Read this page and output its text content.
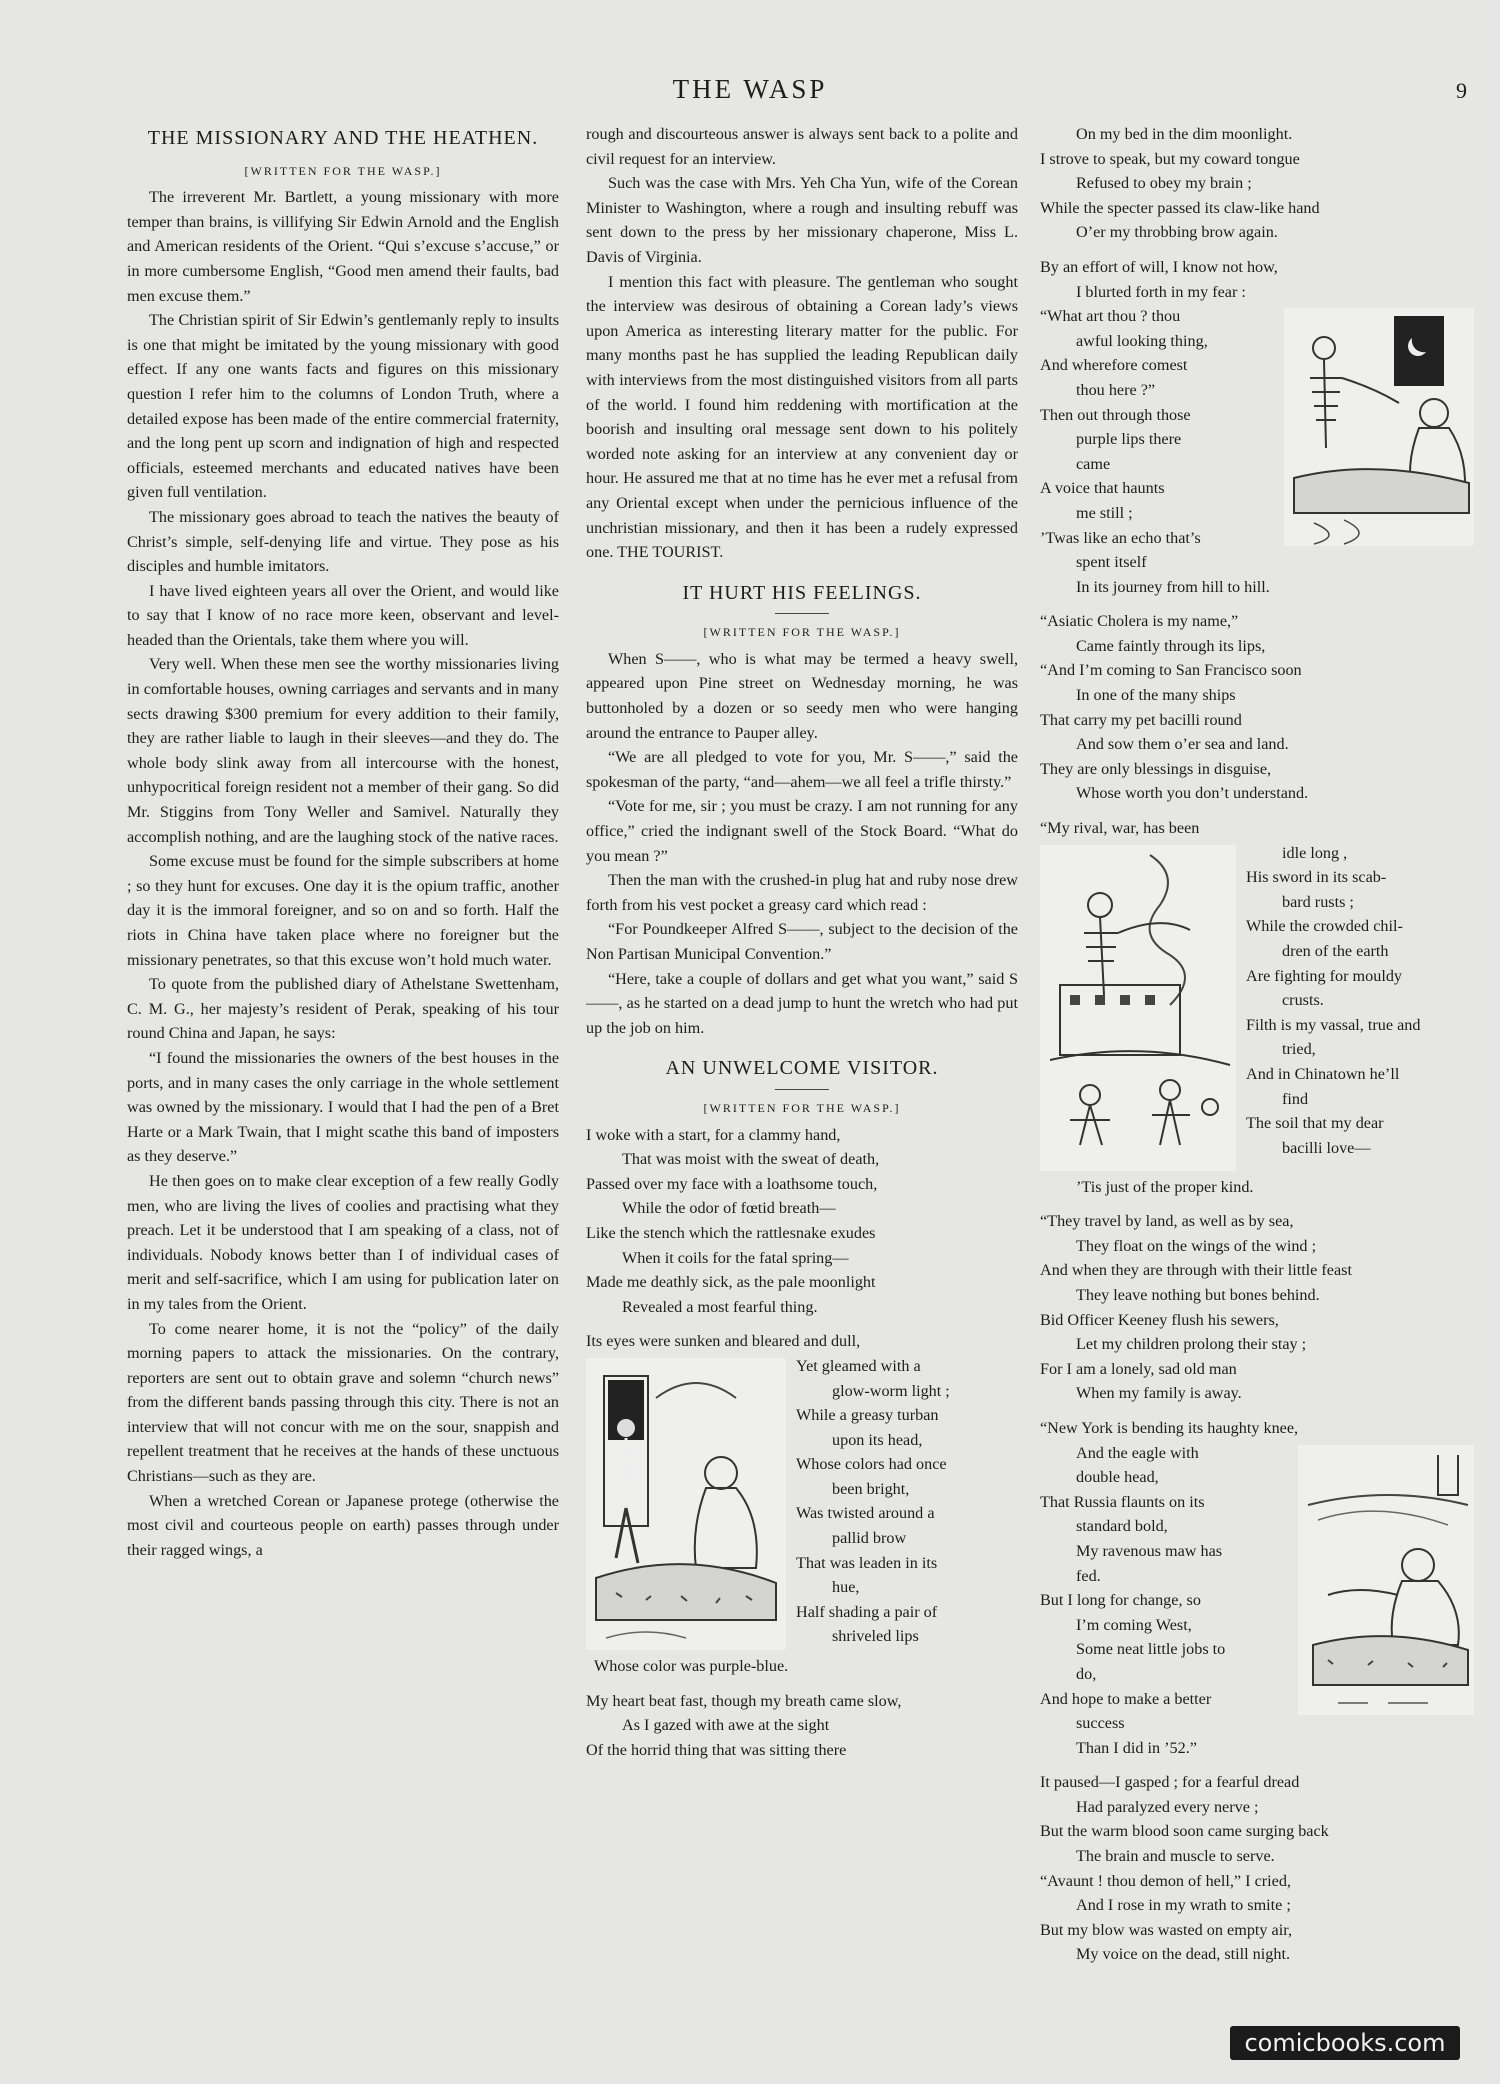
THE WASP	9
THE MISSIONARY AND THE HEATHEN.
[WRITTEN FOR THE WASP.]

The irreverent Mr. Bartlett, a young missionary with more temper than brains, is villifying Sir Edwin Arnold and the English and American residents of the Orient. “Qui s’excuse s’accuse,” or in more cumbersome English, “Good men amend their faults, bad men excuse them.”

The Christian spirit of Sir Edwin’s gentlemanly reply to insults is one that might be imitated by the young missionary with good effect. If any one wants facts and figures on this missionary question I refer him to the columns of London Truth, where a detailed expose has been made of the entire commercial fraternity, and the long pent up scorn and indignation of high and respected officials, esteemed merchants and educated natives have been given full ventilation.

The missionary goes abroad to teach the natives the beauty of Christ’s simple, self-denying life and virtue. They pose as his disciples and humble imitators.

I have lived eighteen years all over the Orient, and would like to say that I know of no race more keen, observant and level-headed than the Orientals, take them where you will.

Very well. When these men see the worthy missionaries living in comfortable houses, owning carriages and servants and in many sects drawing $300 premium for every addition to their family, they are rather liable to laugh in their sleeves—and they do. The whole body slink away from all intercourse with the honest, unhypocritical foreign resident not a member of their gang. So did Mr. Stiggins from Tony Weller and Samivel. Naturally they accomplish nothing, and are the laughing stock of the native races.

Some excuse must be found for the simple subscribers at home ; so they hunt for excuses. One day it is the opium traffic, another day it is the immoral foreigner, and so on and so forth. Half the riots in China have taken place where no foreigner but the missionary penetrates, so that this excuse won’t hold much water.

To quote from the published diary of Athelstane Swettenham, C. M. G., her majesty’s resident of Perak, speaking of his tour round China and Japan, he says:

“I found the missionaries the owners of the best houses in the ports, and in many cases the only carriage in the whole settlement was owned by the missionary. I would that I had the pen of a Bret Harte or a Mark Twain, that I might scathe this band of imposters as they deserve.”

He then goes on to make clear exception of a few really Godly men, who are living the lives of coolies and practising what they preach. Let it be understood that I am speaking of a class, not of individuals. Nobody knows better than I of individual cases of merit and self-sacrifice, which I am using for publication later on in my tales from the Orient.

To come nearer home, it is not the “policy” of the daily morning papers to attack the missionaries. On the contrary, reporters are sent out to obtain grave and solemn “church news” from the different bands passing through this city. There is not an interview that will not concur with me on the sour, snappish and repellent treatment that he receives at the hands of these unctuous Christians—such as they are.

When a wretched Corean or Japanese protege (otherwise the most civil and courteous people on earth) passes through under their ragged wings, a

rough and discourteous answer is always sent back to a polite and civil request for an interview.

Such was the case with Mrs. Yeh Cha Yun, wife of the Corean Minister to Washington, where a rough and insulting rebuff was sent down to the press by her missionary chaperone, Miss L. Davis of Virginia.

I mention this fact with pleasure. The gentleman who sought the interview was desirous of obtaining a Corean lady’s views upon America as interesting literary matter for the public. For many months past he has supplied the leading Republican daily with interviews from the most distinguished visitors from all parts of the world. I found him reddening with mortification at the boorish and insulting oral message sent down to his politely worded note asking for an interview at any convenient day or hour. He assured me that at no time has he ever met a refusal from any Oriental except when under the pernicious influence of the unchristian missionary, and then it has been a rudely expressed one. THE TOURIST.

IT HURT HIS FEELINGS.
[WRITTEN FOR THE WASP.]

When S——, who is what may be termed a heavy swell, appeared upon Pine street on Wednesday morning, he was buttonholed by a dozen or so seedy men who were hanging around the entrance to Pauper alley.

“We are all pledged to vote for you, Mr. S——,” said the spokesman of the party, “and—ahem—we all feel a trifle thirsty.”

“Vote for me, sir ; you must be crazy. I am not running for any office,” cried the indignant swell of the Stock Board. “What do you mean ?”

Then the man with the crushed-in plug hat and ruby nose drew forth from his vest pocket a greasy card which read :

“For Poundkeeper Alfred S——, subject to the decision of the Non Partisan Municipal Convention.”

“Here, take a couple of dollars and get what you want,” said S——, as he started on a dead jump to hunt the wretch who had put up the job on him.

AN UNWELCOME VISITOR.
[WRITTEN FOR THE WASP.]
I woke with a start, for a clammy hand,
That was moist with the sweat of death,
Passed over my face with a loathsome touch,
While the odor of fœtid breath—
Like the stench which the rattlesnake exudes
When it coils for the fatal spring—
Made me deathly sick, as the pale moonlight
Revealed a most fearful thing.
Its eyes were sunken and bleared and dull,
Yet gleamed with a
glow-worm light ;
While a greasy turban
upon its head,
Whose colors had once
been bright,
Was twisted around a
pallid brow
That was leaden in its
hue,
Half shading a pair of
shriveled lips
Whose color was purple-blue.
My heart beat fast, though my breath came slow,
As I gazed with awe at the sight
Of the horrid thing that was sitting there
On my bed in the dim moonlight.
I strove to speak, but my coward tongue
Refused to obey my brain ;
While the specter passed its claw-like hand
O’er my throbbing brow again.
By an effort of will, I know not how,
I blurted forth in my fear :
“What art thou ? thou
awful looking thing,
And wherefore comest
thou here ?”
Then out through those
purple lips there
came
A voice that haunts
me still ;
’Twas like an echo that’s
spent itself
In its journey from hill to hill.
“Asiatic Cholera is my name,”
Came faintly through its lips,
“And I’m coming to San Francisco soon
In one of the many ships
That carry my pet bacilli round
And sow them o’er sea and land.
They are only blessings in disguise,
Whose worth you don’t understand.
“My rival, war, has been
idle long ,
His sword in its scab-
bard rusts ;
While the crowded chil-
dren of the earth
Are fighting for mouldy
crusts.
Filth is my vassal, true and
tried,
And in Chinatown he’ll
find
The soil that my dear
bacilli love—
’Tis just of the proper kind.
“They travel by land, as well as by sea,
They float on the wings of the wind ;
And when they are through with their little feast
They leave nothing but bones behind.
Bid Officer Keeney flush his sewers,
Let my children prolong their stay ;
For I am a lonely, sad old man
When my family is away.
“New York is bending its haughty knee,
And the eagle with
double head,
That Russia flaunts on its
standard bold,
My ravenous maw has
fed.
But I long for change, so
I’m coming West,
Some neat little jobs to
do,
And hope to make a better
success
Than I did in ’52.”
It paused—I gasped ; for a fearful dread
Had paralyzed every nerve ;
But the warm blood soon came surging back
The brain and muscle to serve.
“Avaunt ! thou demon of hell,” I cried,
And I rose in my wrath to smite ;
But my blow was wasted on empty air,
My voice on the dead, still night.
comicbooks.com
